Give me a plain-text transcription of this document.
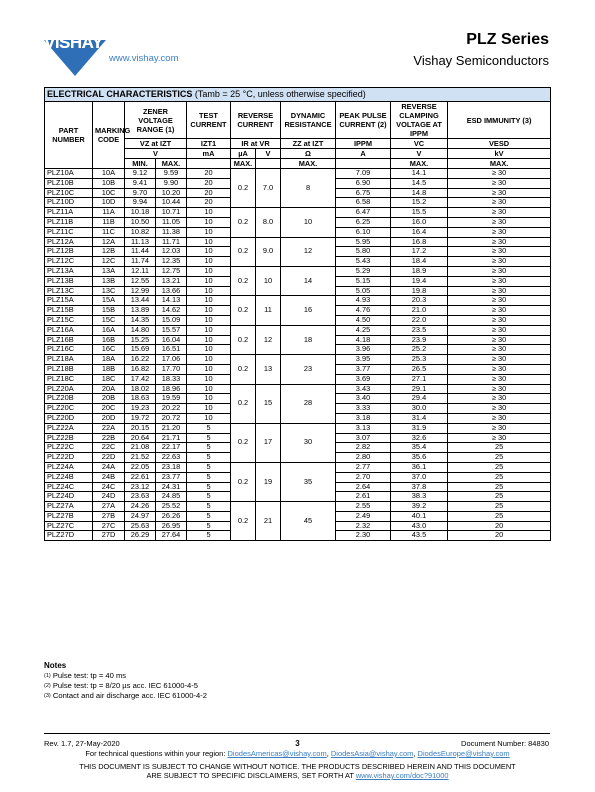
VISHAY.
www.vishay.com
PLZ Series
Vishay Semiconductors
ELECTRICAL CHARACTERISTICS (Tamb = 25 °C, unless otherwise specified)										
PART NUMBER	MARKING CODE	ZENER VOLTAGE RANGE (1)		TEST CURRENT	REVERSE CURRENT		DYNAMIC RESISTANCE	PEAK PULSE CURRENT (2)	REVERSE CLAMPING VOLTAGE AT IPPM	ESD IMMUNITY (3)
		VZ at IZT		IZT1	IR at VR		ZZ at IZT	IPPM	VC	VESD
		V		mA	µA	V	Ω	A	V	kV
		MIN.	MAX.		MAX.		MAX.		MAX.	MAX.
PLZ10A	10A	9.12	9.59	20	0.2	7.0	8	7.09	14.1	≥ 30
PLZ10B	10B	9.41	9.90	20				6.90	14.5	≥ 30
PLZ10C	10C	9.70	10.20	20				6.75	14.8	≥ 30
PLZ10D	10D	9.94	10.44	20				6.58	15.2	≥ 30
PLZ11A	11A	10.18	10.71	10	0.2	8.0	10	6.47	15.5	≥ 30
PLZ11B	11B	10.50	11.05	10				6.25	16.0	≥ 30
PLZ11C	11C	10.82	11.38	10				6.10	16.4	≥ 30
PLZ12A	12A	11.13	11.71	10	0.2	9.0	12	5.95	16.8	≥ 30
PLZ12B	12B	11.44	12.03	10				5.80	17.2	≥ 30
PLZ12C	12C	11.74	12.35	10				5.43	18.4	≥ 30
PLZ13A	13A	12.11	12.75	10	0.2	10	14	5.29	18.9	≥ 30
PLZ13B	13B	12.55	13.21	10				5.15	19.4	≥ 30
PLZ13C	13C	12.99	13.66	10				5.05	19.8	≥ 30
PLZ15A	15A	13.44	14.13	10	0.2	11	16	4.93	20.3	≥ 30
PLZ15B	15B	13.89	14.62	10				4.76	21.0	≥ 30
PLZ15C	15C	14.35	15.09	10				4.50	22.0	≥ 30
PLZ16A	16A	14.80	15.57	10	0.2	12	18	4.25	23.5	≥ 30
PLZ16B	16B	15.25	16.04	10				4.18	23.9	≥ 30
PLZ16C	16C	15.69	16.51	10				3.96	25.2	≥ 30
PLZ18A	18A	16.22	17.06	10	0.2	13	23	3.95	25.3	≥ 30
PLZ18B	18B	16.82	17.70	10				3.77	26.5	≥ 30
PLZ18C	18C	17.42	18.33	10				3.69	27.1	≥ 30
PLZ20A	20A	18.02	18.96	10	0.2	15	28	3.43	29.1	≥ 30
PLZ20B	20B	18.63	19.59	10				3.40	29.4	≥ 30
PLZ20C	20C	19.23	20.22	10				3.33	30.0	≥ 30
PLZ20D	20D	19.72	20.72	10				3.18	31.4	≥ 30
PLZ22A	22A	20.15	21.20	5	0.2	17	30	3.13	31.9	≥ 30
PLZ22B	22B	20.64	21.71	5				3.07	32.6	≥ 30
PLZ22C	22C	21.08	22.17	5				2.82	35.4	25
PLZ22D	22D	21.52	22.63	5				2.80	35.6	25
PLZ24A	24A	22.05	23.18	5	0.2	19	35	2.77	36.1	25
PLZ24B	24B	22.61	23.77	5				2.70	37.0	25
PLZ24C	24C	23.12	24.31	5				2.64	37.8	25
PLZ24D	24D	23.63	24.85	5				2.61	38.3	25
PLZ27A	27A	24.26	25.52	5	0.2	21	45	2.55	39.2	25
PLZ27B	27B	24.97	26.26	5				2.49	40.1	25
PLZ27C	27C	25.63	26.95	5				2.32	43.0	20
PLZ27D	27D	26.29	27.64	5				2.30	43.5	20
Notes
$^{(1)}$ Pulse test: tp = 40 ms
$^{(2)}$ Pulse test: tp = 8/20 µs acc. IEC 61000-4-5
$^{(3)}$ Contact and air discharge acc. IEC 61000-4-2
Rev. 1.7, 27-May-2020	3	Document Number: 84830
For technical questions within your region: DiodesAmericas@vishay.com, DiodesAsia@vishay.com, DiodesEurope@vishay.com
THIS DOCUMENT IS SUBJECT TO CHANGE WITHOUT NOTICE. THE PRODUCTS DESCRIBED HEREIN AND THIS DOCUMENT
ARE SUBJECT TO SPECIFIC DISCLAIMERS, SET FORTH AT www.vishay.com/doc?91000
